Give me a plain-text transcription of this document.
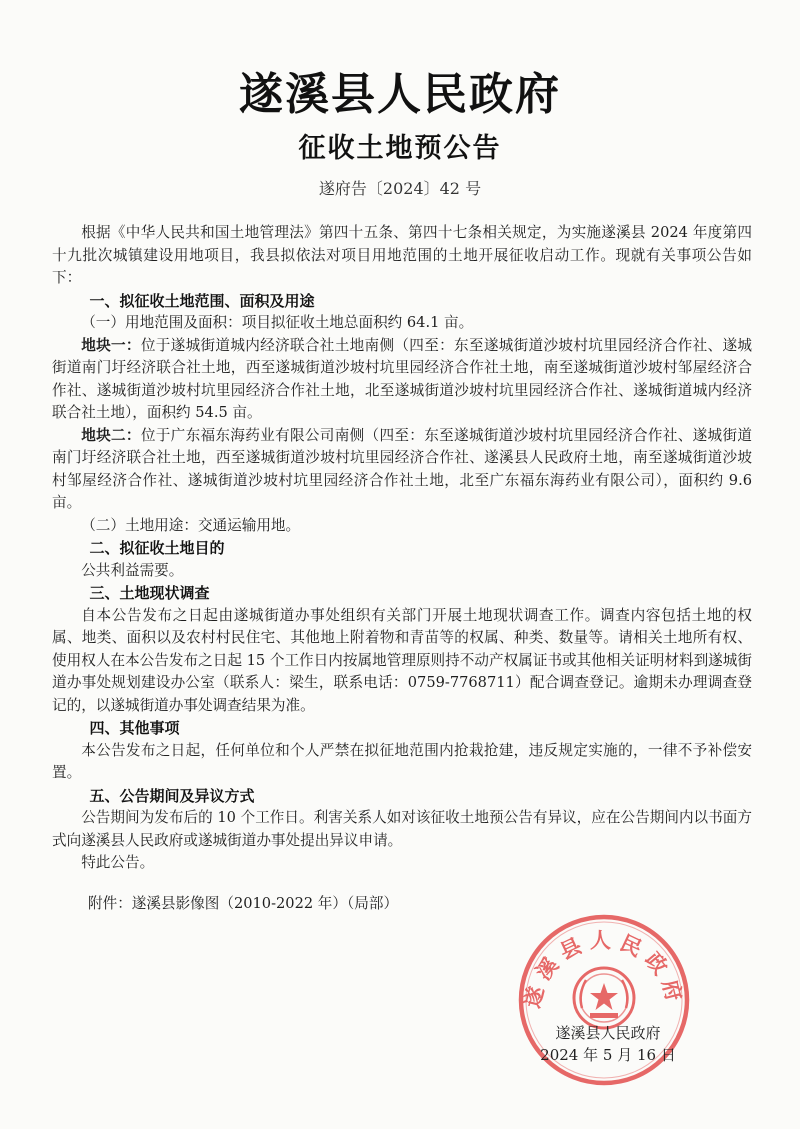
遂溪县人民政府
征收土地预公告
遂府告〔2024〕42 号

根据《中华人民共和国土地管理法》第四十五条、第四十七条相关规定，为实施遂溪县 2024 年度第四十九批次城镇建设用地项目，我县拟依法对项目用地范围的土地开展征收启动工作。现就有关事项公告如下：

一、拟征收土地范围、面积及用途

（一）用地范围及面积：项目拟征收土地总面积约 64.1 亩。

地块一：位于遂城街道城内经济联合社土地南侧（四至：东至遂城街道沙坡村坑里园经济合作社、遂城街道南门圩经济联合社土地，西至遂城街道沙坡村坑里园经济合作社土地，南至遂城街道沙坡村邹屋经济合作社、遂城街道沙坡村坑里园经济合作社土地，北至遂城街道沙坡村坑里园经济合作社、遂城街道城内经济联合社土地），面积约 54.5 亩。

地块二：位于广东福东海药业有限公司南侧（四至：东至遂城街道沙坡村坑里园经济合作社、遂城街道南门圩经济联合社土地，西至遂城街道沙坡村坑里园经济合作社、遂溪县人民政府土地，南至遂城街道沙坡村邹屋经济合作社、遂城街道沙坡村坑里园经济合作社土地，北至广东福东海药业有限公司），面积约 9.6 亩。

（二）土地用途：交通运输用地。

二、拟征收土地目的

公共利益需要。

三、土地现状调查

自本公告发布之日起由遂城街道办事处组织有关部门开展土地现状调查工作。调查内容包括土地的权属、地类、面积以及农村村民住宅、其他地上附着物和青苗等的权属、种类、数量等。请相关土地所有权、使用权人在本公告发布之日起 15 个工作日内按属地管理原则持不动产权属证书或其他相关证明材料到遂城街道办事处规划建设办公室（联系人：梁生，联系电话：0759-7768711）配合调查登记。逾期未办理调查登记的，以遂城街道办事处调查结果为准。

四、其他事项

本公告发布之日起，任何单位和个人严禁在拟征地范围内抢栽抢建，违反规定实施的，一律不予补偿安置。

五、公告期间及异议方式

公告期间为发布后的 10 个工作日。利害关系人如对该征收土地预公告有异议，应在公告期间内以书面方式向遂溪县人民政府或遂城街道办事处提出异议申请。

特此公告。

附件：遂溪县影像图（2010-2022 年）（局部）

遂溪县人民政府
遂溪县人民政府
2024 年 5 月 16 日
